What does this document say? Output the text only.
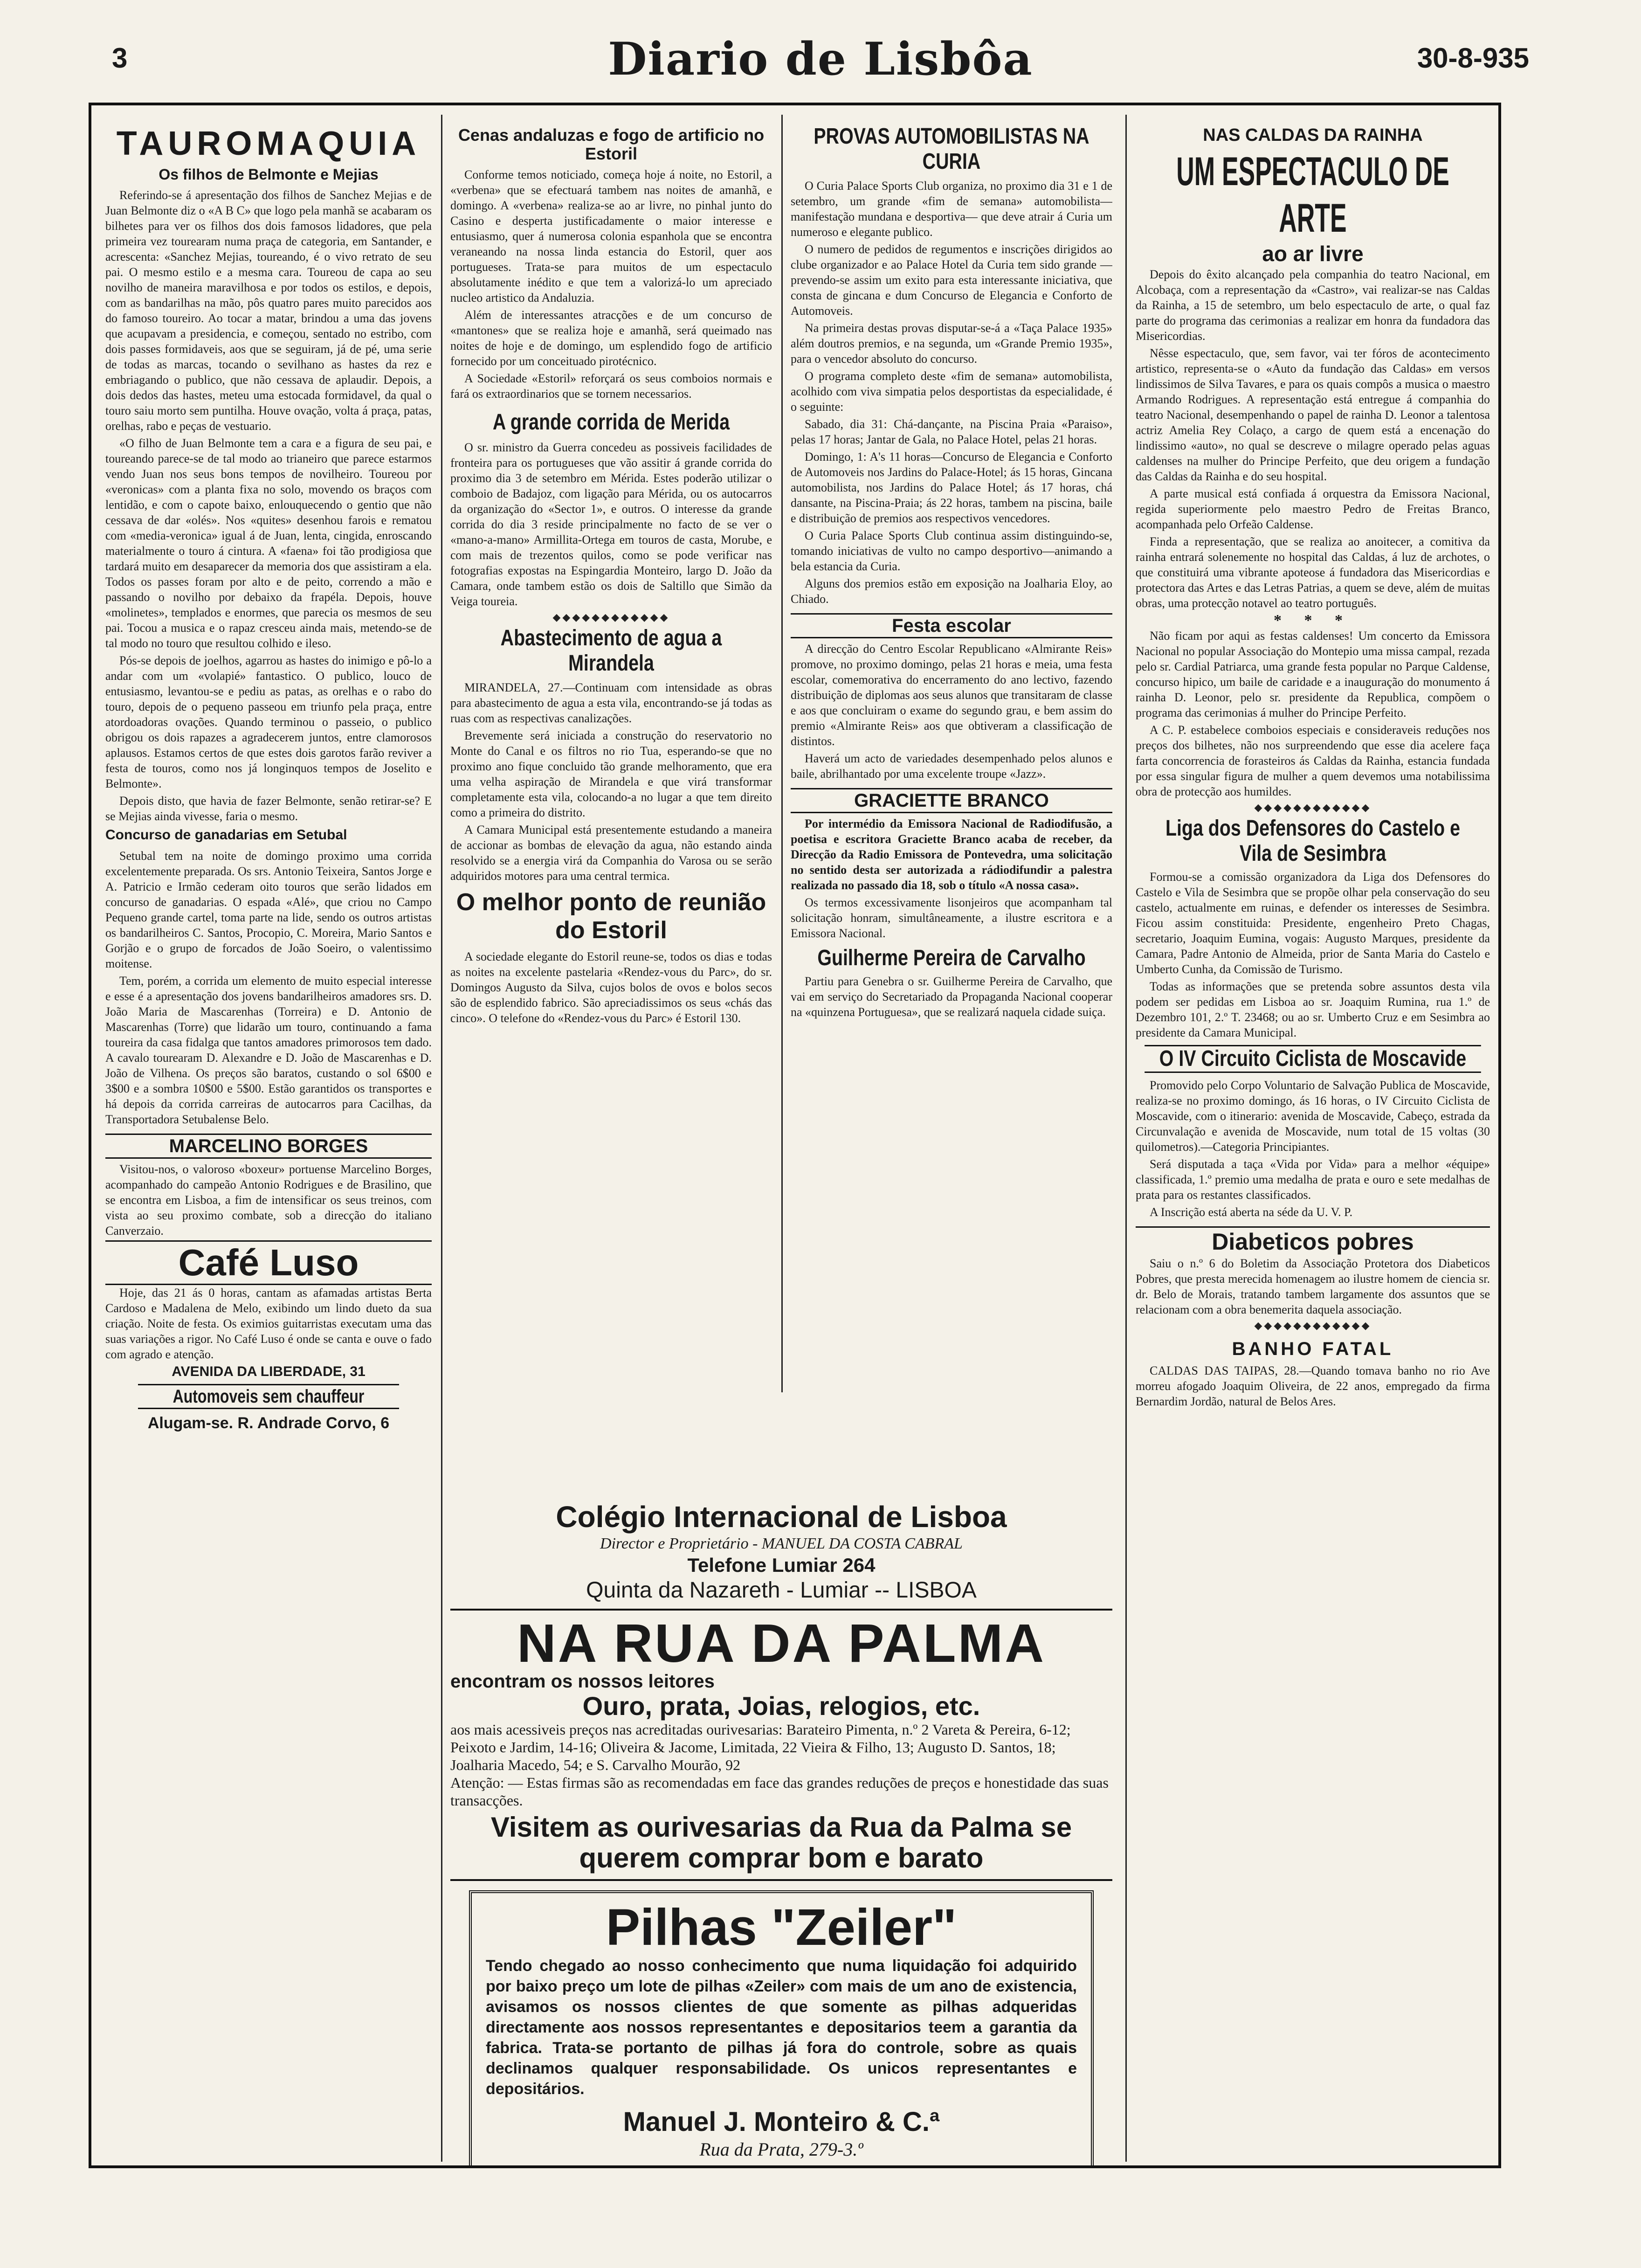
3	Diario de Lisbôa	30-8-935
TAUROMAQUIA
Os filhos de Belmonte e Mejias

Referindo-se á apresentação dos filhos de Sanchez Mejias e de Juan Belmonte diz o «A B C» que logo pela manhã se acabaram os bilhetes para ver os filhos dos dois famosos lidadores, que pela primeira vez tourearam numa praça de categoria, em Santander, e acrescenta: «Sanchez Mejias, toureando, é o vivo retrato de seu pai. O mesmo estilo e a mesma cara. Toureou de capa ao seu novilho de maneira maravilhosa e por todos os estilos, e depois, com as bandarilhas na mão, pôs quatro pares muito parecidos aos do famoso toureiro. Ao tocar a matar, brindou a uma das jovens que acupavam a presidencia, e começou, sentado no estribo, com dois passes formidaveis, aos que se seguiram, já de pé, uma serie de todas as marcas, tocando o sevilhano as hastes da rez e embriagando o publico, que não cessava de aplaudir. Depois, a dois dedos das hastes, meteu uma estocada formidavel, da qual o touro saiu morto sem puntilha. Houve ovação, volta á praça, patas, orelhas, rabo e peças de vestuario.

«O filho de Juan Belmonte tem a cara e a figura de seu pai, e toureando parece-se de tal modo ao trianeiro que parece estarmos vendo Juan nos seus bons tempos de novilheiro. Toureou por «veronicas» com a planta fixa no solo, movendo os braços com lentidão, e com o capote baixo, enlouquecendo o gentio que não cessava de dar «olés». Nos «quites» desenhou farois e rematou com «media-veronica» igual á de Juan, lenta, cingida, enroscando materialmente o touro á cintura. A «faena» foi tão prodigiosa que tardará muito em desaparecer da memoria dos que assistiram a ela. Todos os passes foram por alto e de peito, correndo a mão e passando o novilho por debaixo da frapéla. Depois, houve «molinetes», templados e enormes, que parecia os mesmos de seu pai. Tocou a musica e o rapaz cresceu ainda mais, metendo-se de tal modo no touro que resultou colhido e ileso.

Pós-se depois de joelhos, agarrou as hastes do inimigo e pô-lo a andar com um «volapié» fantastico. O publico, louco de entusiasmo, levantou-se e pediu as patas, as orelhas e o rabo do touro, depois de o pequeno passeou em triunfo pela praça, entre atordoadoras ovações. Quando terminou o passeio, o publico obrigou os dois rapazes a agradecerem juntos, entre clamorosos aplausos. Estamos certos de que estes dois garotos farão reviver a festa de touros, como nos já longinquos tempos de Joselito e Belmonte».

Depois disto, que havia de fazer Belmonte, senão retirar-se? E se Mejias ainda vivesse, faria o mesmo.

Concurso de ganadarias em Setubal

Setubal tem na noite de domingo proximo uma corrida excelentemente preparada. Os srs. Antonio Teixeira, Santos Jorge e A. Patricio e Irmão cederam oito touros que serão lidados em concurso de ganadarias. O espada «Alé», que criou no Campo Pequeno grande cartel, toma parte na lide, sendo os outros artistas os bandarilheiros C. Santos, Procopio, C. Moreira, Mario Santos e Gorjão e o grupo de forcados de João Soeiro, o valentissimo moitense.

Tem, porém, a corrida um elemento de muito especial interesse e esse é a apresentação dos jovens bandarilheiros amadores srs. D. João Maria de Mascarenhas (Torreira) e D. Antonio de Mascarenhas (Torre) que lidarão um touro, continuando a fama toureira da casa fidalga que tantos amadores primorosos tem dado. A cavalo tourearam D. Alexandre e D. João de Mascarenhas e D. João de Vilhena. Os preços são baratos, custando o sol 6$00 e 3$00 e a sombra 10$00 e 5$00. Estão garantidos os transportes e há depois da corrida carreiras de autocarros para Cacilhas, da Transportadora Setubalense Belo.

MARCELINO BORGES

Visitou-nos, o valoroso «boxeur» portuense Marcelino Borges, acompanhado do campeão Antonio Rodrigues e de Brasilino, que se encontra em Lisboa, a fim de intensificar os seus treinos, com vista ao seu proximo combate, sob a direcção do italiano Canverzaio.

Café Luso

Hoje, das 21 ás 0 horas, cantam as afamadas artistas Berta Cardoso e Madalena de Melo, exibindo um lindo dueto da sua criação. Noite de festa. Os eximios guitarristas executam uma das suas variações a rigor. No Café Luso é onde se canta e ouve o fado com agrado e atenção.

AVENIDA DA LIBERDADE, 31
Automoveis sem chauffeur
Alugam-se. R. Andrade Corvo, 6
Cenas andaluzas e fogo de artificio no Estoril

Conforme temos noticiado, começa hoje á noite, no Estoril, a «verbena» que se efectuará tambem nas noites de amanhã, e domingo. A «verbena» realiza-se ao ar livre, no pinhal junto do Casino e desperta justificadamente o maior interesse e entusiasmo, quer á numerosa colonia espanhola que se encontra veraneando na nossa linda estancia do Estoril, quer aos portugueses. Trata-se para muitos de um espectaculo absolutamente inédito e que tem a valorizá-lo um apreciado nucleo artistico da Andaluzia.

Além de interessantes atracções e de um concurso de «mantones» que se realiza hoje e amanhã, será queimado nas noites de hoje e de domingo, um esplendido fogo de artificio fornecido por um conceituado pirotécnico.

A Sociedade «Estoril» reforçará os seus comboios normais e fará os extraordinarios que se tornem necessarios.

A grande corrida de Merida

O sr. ministro da Guerra concedeu as possiveis facilidades de fronteira para os portugueses que vão assitir á grande corrida do proximo dia 3 de setembro em Mérida. Estes poderão utilizar o comboio de Badajoz, com ligação para Mérida, ou os autocarros da organização do «Sector 1», e outros. O interesse da grande corrida do dia 3 reside principalmente no facto de se ver o «mano-a-mano» Armillita-Ortega em touros de casta, Morube, e com mais de trezentos quilos, como se pode verificar nas fotografias expostas na Espingardia Monteiro, largo D. João da Camara, onde tambem estão os dois de Saltillo que Simão da Veiga toureia.

◆◆◆◆◆◆◆◆◆◆◆◆
Abastecimento de agua a Mirandela

MIRANDELA, 27.—Continuam com intensidade as obras para abastecimento de agua a esta vila, encontrando-se já todas as ruas com as respectivas canalizações.

Brevemente será iniciada a construção do reservatorio no Monte do Canal e os filtros no rio Tua, esperando-se que no proximo ano fique concluido tão grande melhoramento, que era uma velha aspiração de Mirandela e que virá transformar completamente esta vila, colocando-a no lugar a que tem direito como a primeira do distrito.

A Camara Municipal está presentemente estudando a maneira de accionar as bombas de elevação da agua, não estando ainda resolvido se a energia virá da Companhia do Varosa ou se serão adquiridos motores para uma central termica.

O melhor ponto de reunião do Estoril

A sociedade elegante do Estoril reune-se, todos os dias e todas as noites na excelente pastelaria «Rendez-vous du Parc», do sr. Domingos Augusto da Silva, cujos bolos de ovos e bolos secos são de esplendido fabrico. São apreciadissimos os seus «chás das cinco». O telefone do «Rendez-vous du Parc» é Estoril 130.

PROVAS AUTOMOBILISTAS NA CURIA

O Curia Palace Sports Club organiza, no proximo dia 31 e 1 de setembro, um grande «fim de semana» automobilista—manifestação mundana e desportiva— que deve atrair á Curia um numeroso e elegante publico.

O numero de pedidos de regumentos e inscrições dirigidos ao clube organizador e ao Palace Hotel da Curia tem sido grande —prevendo-se assim um exito para esta interessante iniciativa, que consta de gincana e dum Concurso de Elegancia e Conforto de Automoveis.

Na primeira destas provas disputar-se-á a «Taça Palace 1935» além doutros premios, e na segunda, um «Grande Premio 1935», para o vencedor absoluto do concurso.

O programa completo deste «fim de semana» automobilista, acolhido com viva simpatia pelos desportistas da especialidade, é o seguinte:

Sabado, dia 31: Chá-dançante, na Piscina Praia «Paraiso», pelas 17 horas; Jantar de Gala, no Palace Hotel, pelas 21 horas.

Domingo, 1: A's 11 horas—Concurso de Elegancia e Conforto de Automoveis nos Jardins do Palace-Hotel; ás 15 horas, Gincana automobilista, nos Jardins do Palace Hotel; ás 17 horas, chá dansante, na Piscina-Praia; ás 22 horas, tambem na piscina, baile e distribuição de premios aos respectivos vencedores.

O Curia Palace Sports Club continua assim distinguindo-se, tomando iniciativas de vulto no campo desportivo—animando a bela estancia da Curia.

Alguns dos premios estão em exposição na Joalharia Eloy, ao Chiado.

Festa escolar

A direcção do Centro Escolar Republicano «Almirante Reis» promove, no proximo domingo, pelas 21 horas e meia, uma festa escolar, comemorativa do encerramento do ano lectivo, fazendo distribuição de diplomas aos seus alunos que transitaram de classe e aos que concluiram o exame do segundo grau, e bem assim do premio «Almirante Reis» aos que obtiveram a classificação de distintos.

Haverá um acto de variedades desempenhado pelos alunos e baile, abrilhantado por uma excelente troupe «Jazz».

GRACIETTE BRANCO

Por intermédio da Emissora Nacional de Radiodifusão, a poetisa e escritora Graciette Branco acaba de receber, da Direcção da Radio Emissora de Pontevedra, uma solicitação no sentido desta ser autorizada a rádiodifundir a palestra realizada no passado dia 18, sob o título «A nossa casa».

Os termos excessivamente lisonjeiros que acompanham tal solicitação honram, simultâneamente, a ilustre escritora e a Emissora Nacional.

Guilherme Pereira de Carvalho

Partiu para Genebra o sr. Guilherme Pereira de Carvalho, que vai em serviço do Secretariado da Propaganda Nacional cooperar na «quinzena Portuguesa», que se realizará naquela cidade suiça.

NAS CALDAS DA RAINHA
UM ESPECTACULO DE ARTE
ao ar livre

Depois do êxito alcançado pela companhia do teatro Nacional, em Alcobaça, com a representação da «Castro», vai realizar-se nas Caldas da Rainha, a 15 de setembro, um belo espectaculo de arte, o qual faz parte do programa das cerimonias a realizar em honra da fundadora das Misericordias.

Nêsse espectaculo, que, sem favor, vai ter fóros de acontecimento artistico, representa-se o «Auto da fundação das Caldas» em versos lindissimos de Silva Tavares, e para os quais compôs a musica o maestro Armando Rodrigues. A representação está entregue á companhia do teatro Nacional, desempenhando o papel de rainha D. Leonor a talentosa actriz Amelia Rey Colaço, a cargo de quem está a encenação do lindissimo «auto», no qual se descreve o milagre operado pelas aguas caldenses na mulher do Principe Perfeito, que deu origem a fundação das Caldas da Rainha e do seu hospital.

A parte musical está confiada á orquestra da Emissora Nacional, regida superiormente pelo maestro Pedro de Freitas Branco, acompanhada pelo Orfeão Caldense.

Finda a representação, que se realiza ao anoitecer, a comitiva da rainha entrará solenemente no hospital das Caldas, á luz de archotes, o que constituirá uma vibrante apoteose á fundadora das Misericordias e protectora das Artes e das Letras Patrias, a quem se deve, além de muitas obras, uma protecção notavel ao teatro português.

* * *

Não ficam por aqui as festas caldenses! Um concerto da Emissora Nacional no popular Associação do Montepio uma missa campal, rezada pelo sr. Cardial Patriarca, uma grande festa popular no Parque Caldense, concurso hipico, um baile de caridade e a inauguração do monumento á rainha D. Leonor, pelo sr. presidente da Republica, compõem o programa das cerimonias á mulher do Principe Perfeito.

A C. P. estabelece comboios especiais e consideraveis reduções nos preços dos bilhetes, não nos surpreendendo que esse dia acelere faça farta concorrencia de forasteiros ás Caldas da Rainha, estancia fundada por essa singular figura de mulher a quem devemos uma notabilissima obra de protecção aos humildes.

◆◆◆◆◆◆◆◆◆◆◆◆
Liga dos Defensores do Castelo e Vila de Sesimbra

Formou-se a comissão organizadora da Liga dos Defensores do Castelo e Vila de Sesimbra que se propõe olhar pela conservação do seu castelo, actualmente em ruinas, e defender os interesses de Sesimbra. Ficou assim constituida: Presidente, engenheiro Preto Chagas, secretario, Joaquim Eumina, vogais: Augusto Marques, presidente da Camara, Padre Antonio de Almeida, prior de Santa Maria do Castelo e Umberto Cunha, da Comissão de Turismo.

Todas as informações que se pretenda sobre assuntos desta vila podem ser pedidas em Lisboa ao sr. Joaquim Rumina, rua 1.º de Dezembro 101, 2.º T. 23468; ou ao sr. Umberto Cruz e em Sesimbra ao presidente da Camara Municipal.

O IV Circuito Ciclista de Moscavide

Promovido pelo Corpo Voluntario de Salvação Publica de Moscavide, realiza-se no proximo domingo, ás 16 horas, o IV Circuito Ciclista de Moscavide, com o itinerario: avenida de Moscavide, Cabeço, estrada da Circunvalação e avenida de Moscavide, num total de 15 voltas (30 quilometros).—Categoria Principiantes.

Será disputada a taça «Vida por Vida» para a melhor «équipe» classificada, 1.º premio uma medalha de prata e ouro e sete medalhas de prata para os restantes classificados.

A Inscrição está aberta na séde da U. V. P.

Diabeticos pobres

Saiu o n.º 6 do Boletim da Associação Protetora dos Diabeticos Pobres, que presta merecida homenagem ao ilustre homem de ciencia sr. dr. Belo de Morais, tratando tambem largamente dos assuntos que se relacionam com a obra benemerita daquela associação.

◆◆◆◆◆◆◆◆◆◆◆◆
BANHO FATAL

CALDAS DAS TAIPAS, 28.—Quando tomava banho no rio Ave morreu afogado Joaquim Oliveira, de 22 anos, empregado da firma Bernardim Jordão, natural de Belos Ares.

Colégio Internacional de Lisboa
Director e Proprietário - MANUEL DA COSTA CABRAL
Telefone Lumiar 264
Quinta da Nazareth - Lumiar -- LISBOA
NA RUA DA PALMA
encontram os nossos leitores
Ouro, prata, Joias, relogios, etc.
aos mais acessiveis preços nas acreditadas ourivesarias: Barateiro Pimenta, n.º 2 Vareta & Pereira, 6-12; Peixoto e Jardim, 14-16; Oliveira & Jacome, Limitada, 22 Vieira & Filho, 13; Augusto D. Santos, 18; Joalharia Macedo, 54; e S. Carvalho Mourão, 92
Atenção: — Estas firmas são as recomendadas em face das grandes reduções de preços e honestidade das suas transacções.
Visitem as ourivesarias da Rua da Palma se querem comprar bom e barato
Pilhas "Zeiler"
Tendo chegado ao nosso conhecimento que numa liquidação foi adquirido por baixo preço um lote de pilhas «Zeiler» com mais de um ano de existencia, avisamos os nossos clientes de que somente as pilhas adqueridas directamente aos nossos representantes e depositarios teem a garantia da fabrica. Trata-se portanto de pilhas já fora do controle, sobre as quais declinamos qualquer responsabilidade. Os unicos representantes e depositários.
Manuel J. Monteiro & C.ª
Rua da Prata, 279-3.º
